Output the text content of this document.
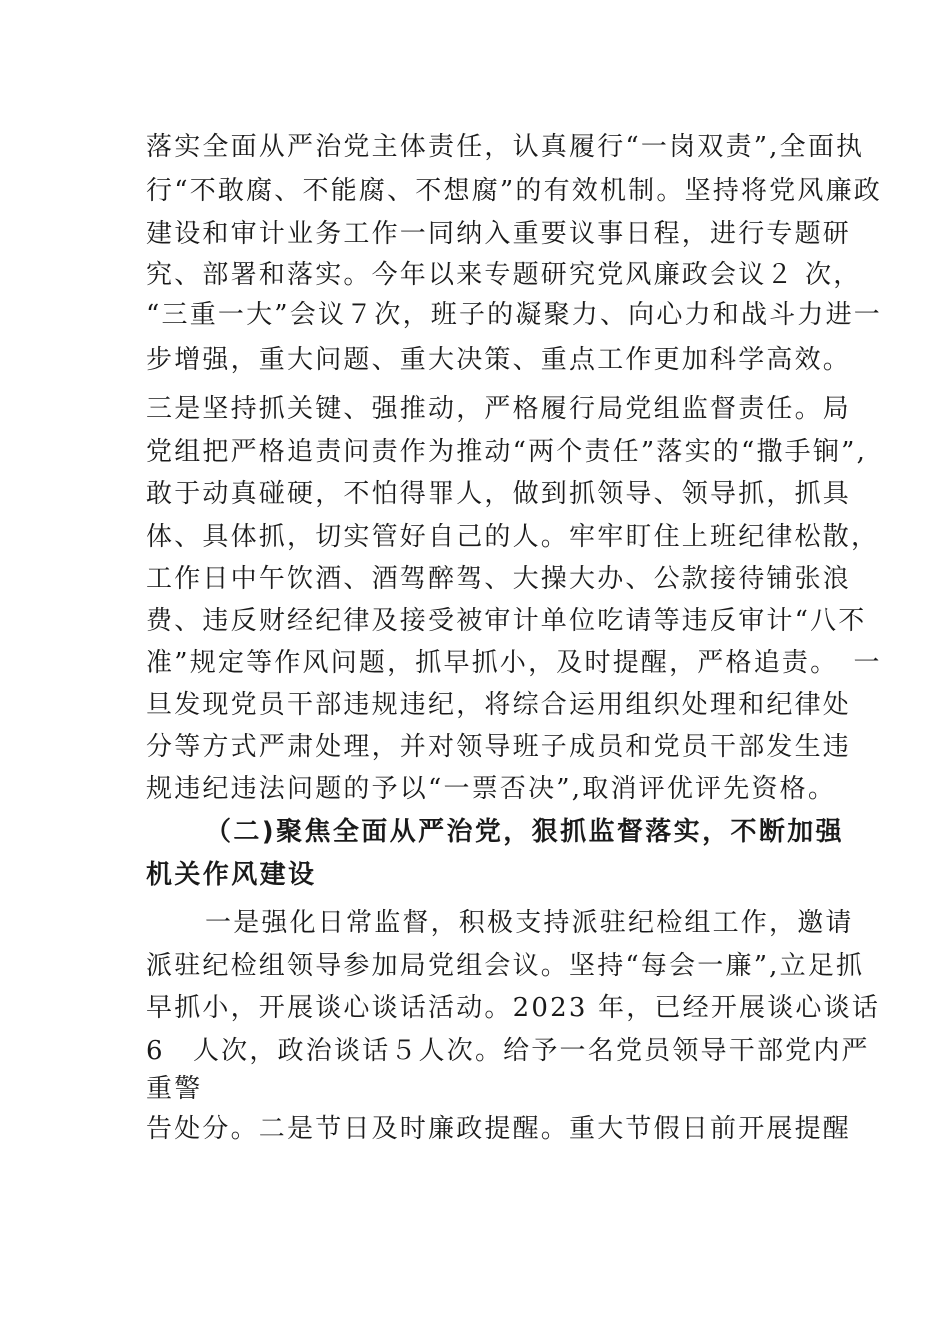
落实全面从严治党主体责任，认真履行“一岗双责”,全面执
行“不敢腐、不能腐、不想腐”的有效机制。坚持将党风廉政
建设和审计业务工作一同纳入重要议事日程，进行专题研
究、部署和落实。今年以来专题研究党风廉政会议２ 次，
“三重一大”会议７次，班子的凝聚力、向心力和战斗力进一
步增强，重大问题、重大决策、重点工作更加科学高效。
三是坚持抓关键、强推动，严格履行局党组监督责任。局
党组把严格追责问责作为推动“两个责任”落实的“撒手锏”,
敢于动真碰硬，不怕得罪人，做到抓领导、领导抓，抓具
体、具体抓，切实管好自己的人。牢牢盯住上班纪律松散，
工作日中午饮酒、酒驾醉驾、大操大办、公款接待铺张浪
费、违反财经纪律及接受被审计单位吃请等违反审计“八不
准”规定等作风问题，抓早抓小，及时提醒，严格追责。　一
旦发现党员干部违规违纪，将综合运用组织处理和纪律处
分等方式严肃处理，并对领导班子成员和党员干部发生违
规违纪违法问题的予以“一票否决”,取消评优评先资格。
（二)聚焦全面从严治党，狠抓监督落实，不断加强
机关作风建设
一是强化日常监督，积极支持派驻纪检组工作，邀请
派驻纪检组领导参加局党组会议。坚持“每会一廉”,立足抓
早抓小，开展谈心谈话活动。2023 年，已经开展谈心谈话
6　人次，政治谈话５人次。给予一名党员领导干部党内严
重警
告处分。二是节日及时廉政提醒。重大节假日前开展提醒
